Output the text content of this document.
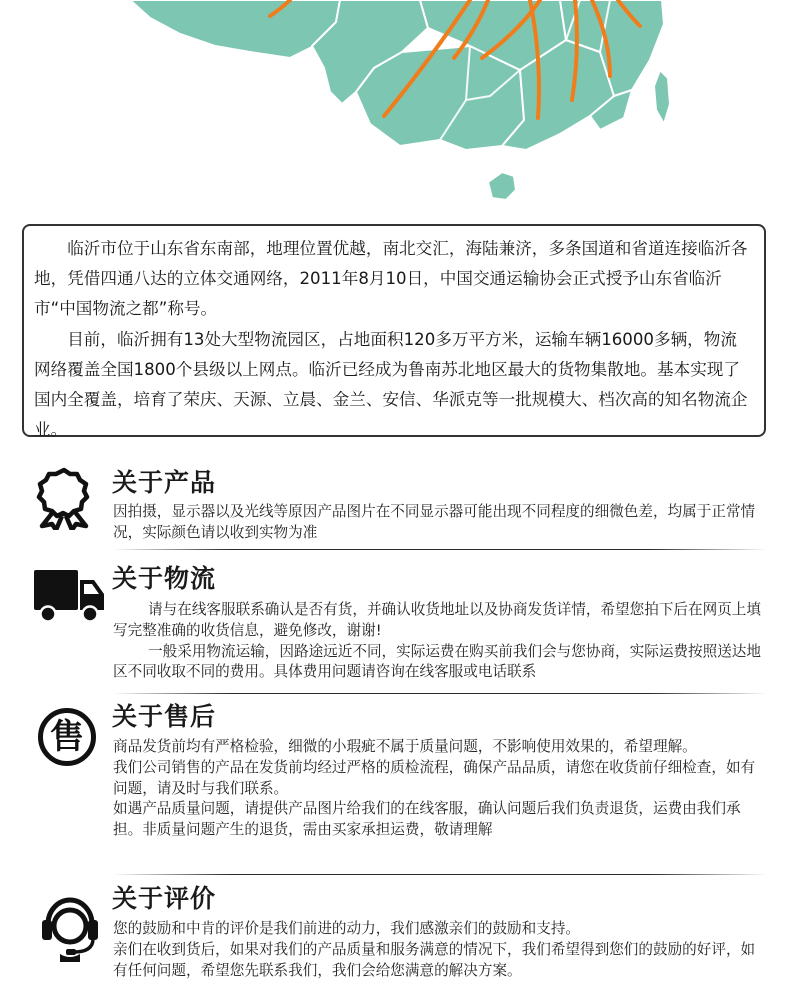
临沂市位于山东省东南部，地理位置优越，南北交汇，海陆兼济，多条国道和省道连接临沂各地，凭借四通八达的立体交通网络，2011年8月10日，中国交通运输协会正式授予山东省临沂市“中国物流之都”称号。

目前，临沂拥有13处大型物流园区，占地面积120多万平方米，运输车辆16000多辆，物流网络覆盖全国1800个县级以上网点。临沂已经成为鲁南苏北地区最大的货物集散地。基本实现了国内全覆盖，培育了荣庆、天源、立晨、金兰、安信、华派克等一批规模大、档次高的知名物流企业。

关于产品

因拍摄，显示器以及光线等原因产品图片在不同显示器可能出现不同程度的细微色差，均属于正常情况，实际颜色请以收到实物为准

关于物流

请与在线客服联系确认是否有货，并确认收货地址以及协商发货详情，希望您拍下后在网页上填写完整准确的收货信息，避免修改，谢谢!

一般采用物流运输，因路途远近不同，实际运费在购买前我们会与您协商，实际运费按照送达地区不同收取不同的费用。具体费用问题请咨询在线客服或电话联系

售
关于售后

商品发货前均有严格检验，细微的小瑕疵不属于质量问题，不影响使用效果的，希望理解。

我们公司销售的产品在发货前均经过严格的质检流程，确保产品品质，请您在收货前仔细检查，如有问题，请及时与我们联系。

如遇产品质量问题，请提供产品图片给我们的在线客服，确认问题后我们负责退货，运费由我们承担。非质量问题产生的退货，需由买家承担运费，敬请理解

关于评价

您的鼓励和中肯的评价是我们前进的动力，我们感激亲们的鼓励和支持。

亲们在收到货后，如果对我们的产品质量和服务满意的情况下，我们希望得到您们的鼓励的好评，如有任何问题，希望您先联系我们，我们会给您满意的解决方案。
